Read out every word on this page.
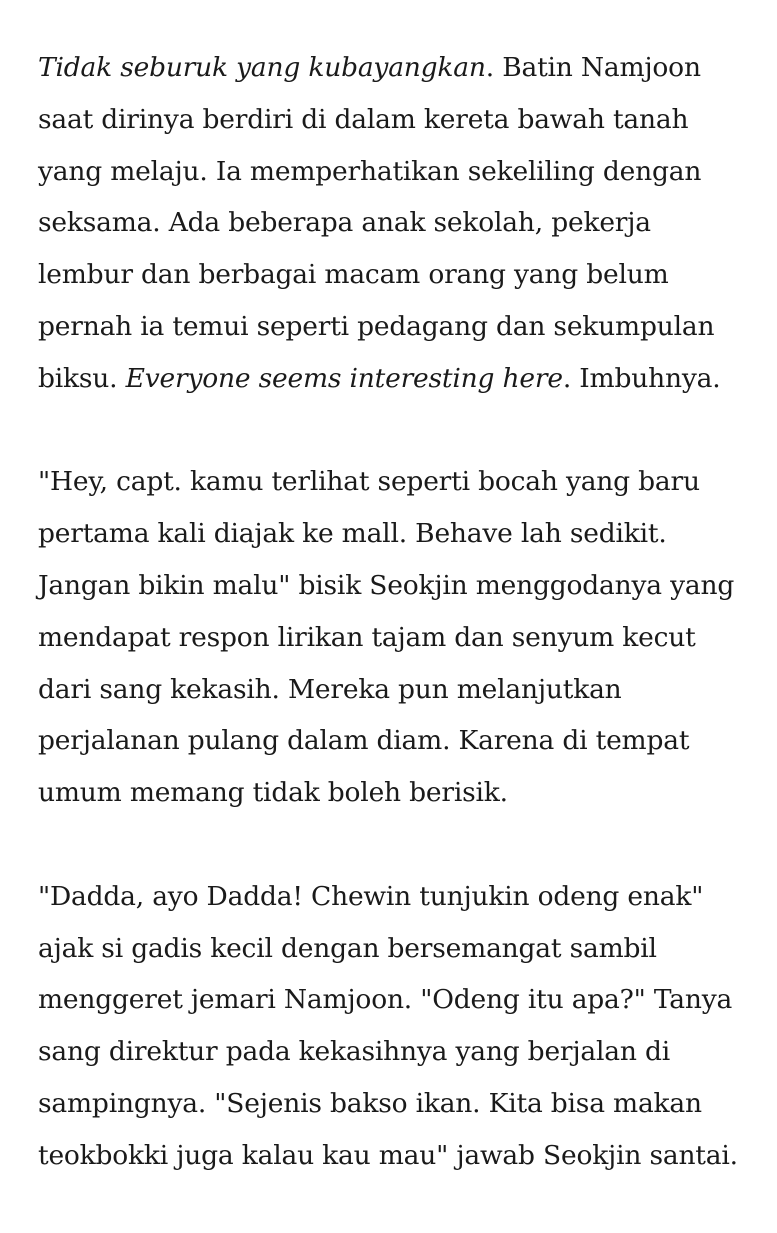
Tidak seburuk yang kubayangkan. Batin Namjoon
saat dirinya berdiri di dalam kereta bawah tanah
yang melaju. Ia memperhatikan sekeliling dengan
seksama. Ada beberapa anak sekolah, pekerja
lembur dan berbagai macam orang yang belum
pernah ia temui seperti pedagang dan sekumpulan
biksu. Everyone seems interesting here. Imbuhnya.
"Hey, capt. kamu terlihat seperti bocah yang baru
pertama kali diajak ke mall. Behave lah sedikit.
Jangan bikin malu" bisik Seokjin menggodanya yang
mendapat respon lirikan tajam dan senyum kecut
dari sang kekasih. Mereka pun melanjutkan
perjalanan pulang dalam diam. Karena di tempat
umum memang tidak boleh berisik.
"Dadda, ayo Dadda! Chewin tunjukin odeng enak"
ajak si gadis kecil dengan bersemangat sambil
menggeret jemari Namjoon. "Odeng itu apa?" Tanya
sang direktur pada kekasihnya yang berjalan di
sampingnya. "Sejenis bakso ikan. Kita bisa makan
teokbokki juga kalau kau mau" jawab Seokjin santai.
